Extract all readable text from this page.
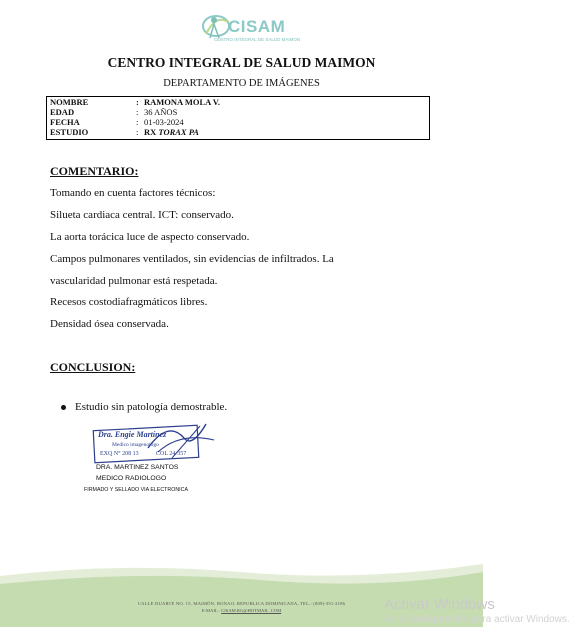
CISAM
CENTRO INTEGRAL DE SALUD MAIMON
CENTRO INTEGRAL DE SALUD MAIMON
DEPARTAMENTO DE IMÁGENES
NOMBRE	: RAMONA MOLA V.
EDAD	: 36 AÑOS
FECHA	: 01-03-2024
ESTUDIO	: RX TORAX PA
COMENTARIO:
Tomando en cuenta factores técnicos:
Silueta cardiaca central. ICT: conservado.
La aorta torácica luce de aspecto conservado.
Campos pulmonares ventilados, sin evidencias de infiltrados. La
vascularidad pulmonar está respetada.
Recesos costodiafragmáticos libres.
Densidad ósea conservada.
CONCLUSION:
Estudio sin patología demostrable.
Dra. Engie Martínez
Medico imagenologo
EXQ N° 208 13	COL 24-357
DRA. MARTINEZ SANTOS
MEDICO RADIOLOGO
FIRMADO Y SELLADO VIA ELECTRONICA
CALLE DUARTE NO. 15, MAIMÓN, BONAO, REPUBLICA DOMINICANA, TEL.: (809)-351-2186
E-MAIL : CISAM.RG@HOTMAIL .COM	Activar Windows
Ve a Configuración para activar Windows.
